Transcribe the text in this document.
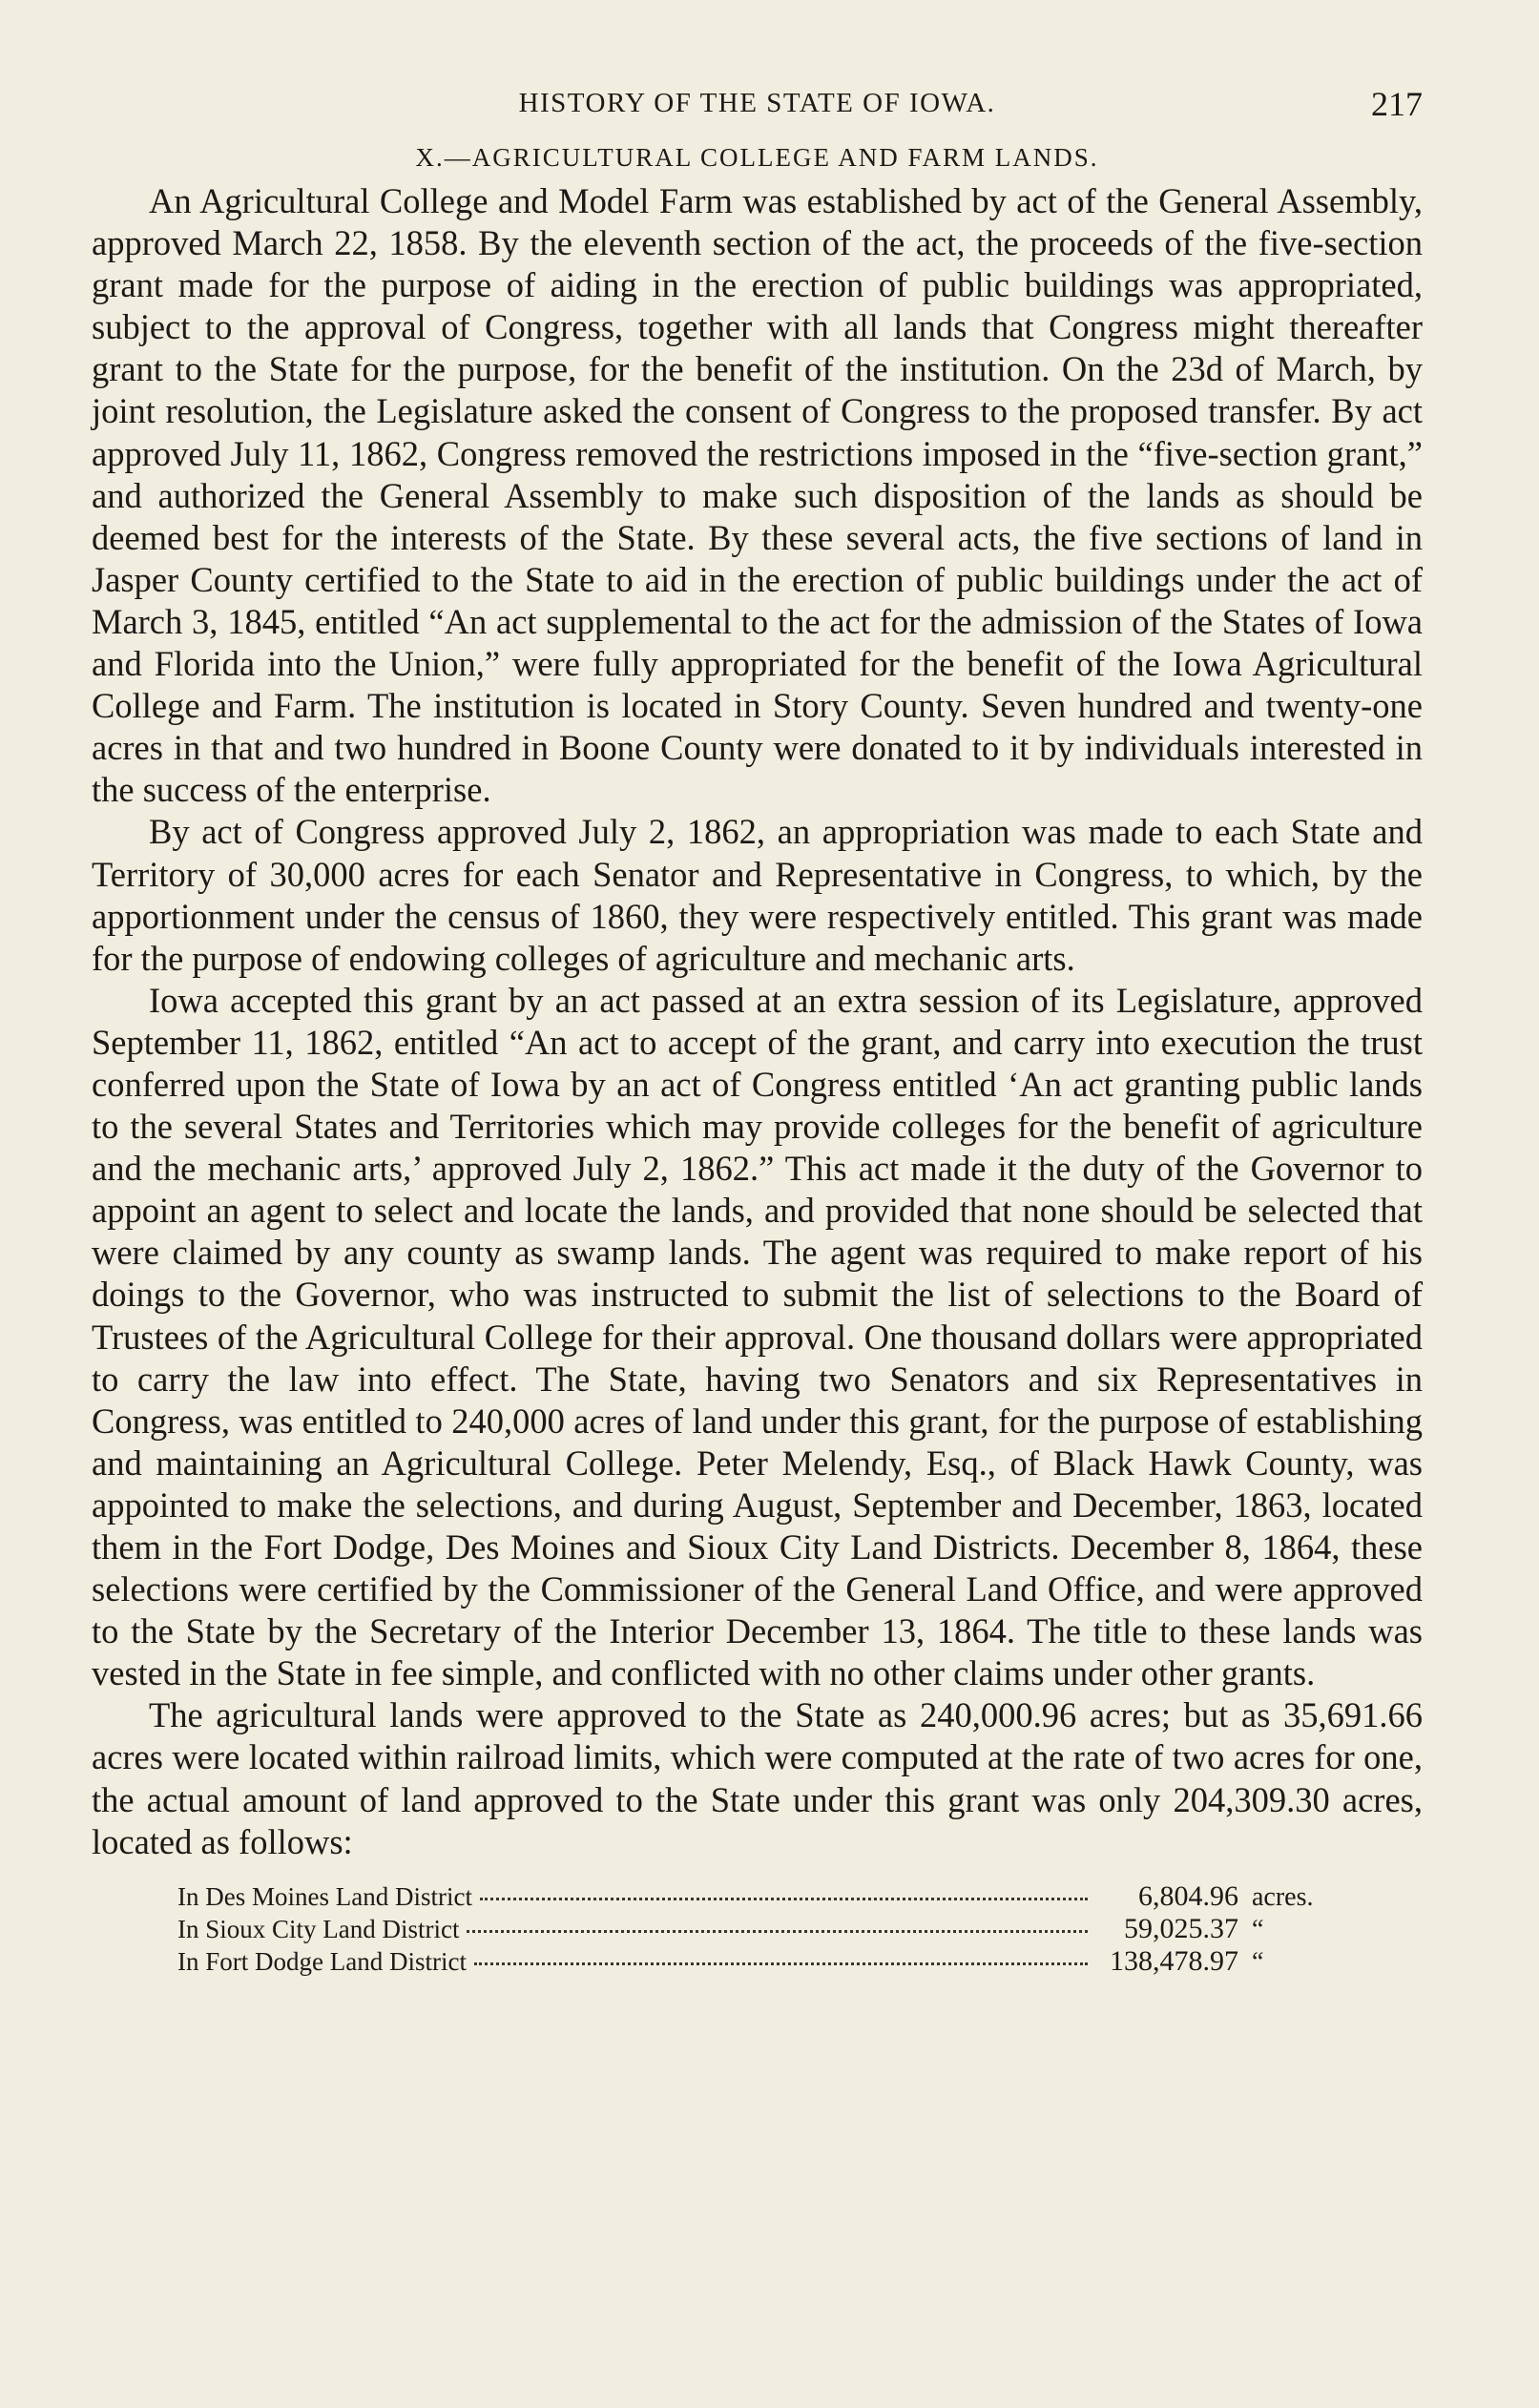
HISTORY OF THE STATE OF IOWA.	217
X.—AGRICULTURAL COLLEGE AND FARM LANDS.

An Agricultural College and Model Farm was established by act of the General Assembly, approved March 22, 1858. By the eleventh section of the act, the proceeds of the five-section grant made for the purpose of aiding in the erection of public buildings was appropriated, subject to the approval of Congress, together with all lands that Congress might thereafter grant to the State for the purpose, for the benefit of the institution. On the 23d of March, by joint resolution, the Legislature asked the consent of Congress to the proposed transfer. By act approved July 11, 1862, Congress removed the restrictions imposed in the “five-section grant,” and authorized the General Assembly to make such disposition of the lands as should be deemed best for the interests of the State. By these several acts, the five sections of land in Jasper County certified to the State to aid in the erection of public buildings under the act of March 3, 1845, entitled “An act supplemental to the act for the admission of the States of Iowa and Florida into the Union,” were fully appropriated for the benefit of the Iowa Agricultural College and Farm. The institution is located in Story County. Seven hundred and twenty-one acres in that and two hundred in Boone County were donated to it by individuals interested in the success of the enterprise.

By act of Congress approved July 2, 1862, an appropriation was made to each State and Territory of 30,000 acres for each Senator and Representative in Congress, to which, by the apportionment under the census of 1860, they were respectively entitled. This grant was made for the purpose of endowing colleges of agriculture and mechanic arts.

Iowa accepted this grant by an act passed at an extra session of its Legislature, approved September 11, 1862, entitled “An act to accept of the grant, and carry into execution the trust conferred upon the State of Iowa by an act of Congress entitled ‘An act granting public lands to the several States and Territories which may provide colleges for the benefit of agriculture and the mechanic arts,’ approved July 2, 1862.” This act made it the duty of the Governor to appoint an agent to select and locate the lands, and provided that none should be selected that were claimed by any county as swamp lands. The agent was required to make report of his doings to the Governor, who was instructed to submit the list of selections to the Board of Trustees of the Agricultural College for their approval. One thousand dollars were appropriated to carry the law into effect. The State, having two Senators and six Representatives in Congress, was entitled to 240,000 acres of land under this grant, for the purpose of establishing and maintaining an Agricultural College. Peter Melendy, Esq., of Black Hawk County, was appointed to make the selections, and during August, September and December, 1863, located them in the Fort Dodge, Des Moines and Sioux City Land Districts. December 8, 1864, these selections were certified by the Commissioner of the General Land Office, and were approved to the State by the Secretary of the Interior December 13, 1864. The title to these lands was vested in the State in fee simple, and conflicted with no other claims under other grants.

The agricultural lands were approved to the State as 240,000.96 acres; but as 35,691.66 acres were located within railroad limits, which were computed at the rate of two acres for one, the actual amount of land approved to the State under this grant was only 204,309.30 acres, located as follows:

In Des Moines Land District	6,804.96 acres.
In Sioux City Land District	59,025.37 “
In Fort Dodge Land District	138,478.97 “
